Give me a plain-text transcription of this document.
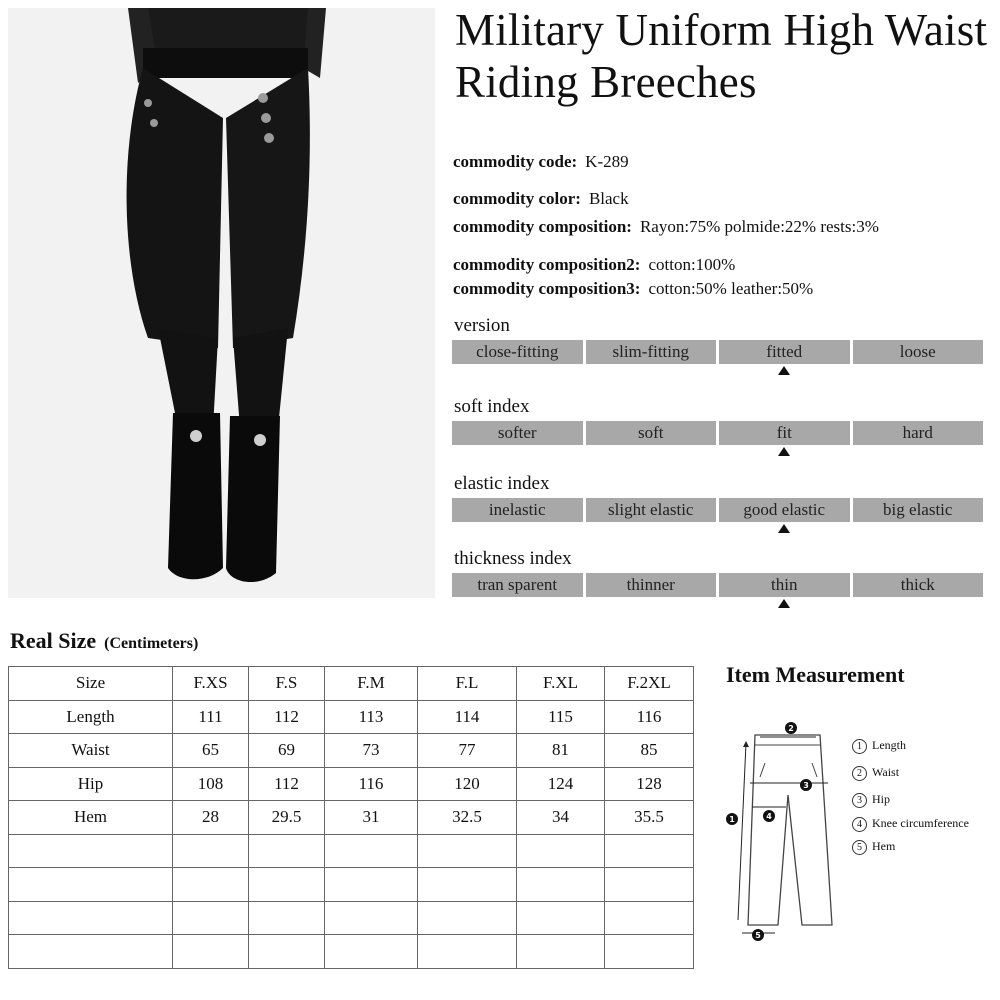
Military Uniform High Waist Riding Breeches
commodity code: K-289
commodity color: Black
commodity composition: Rayon:75% polmide:22% rests:3%
commodity composition2: cotton:100%
commodity composition3: cotton:50% leather:50%
version
close-fitting	slim-fitting	fitted	loose
soft index
softer	soft	fit	hard
elastic index
inelastic	slight elastic	good elastic	big elastic
thickness index
tran sparent	thinner	thin	thick
Real Size (Centimeters)
Size	F.XS	F.S	F.M	F.L	F.XL	F.2XL
Length	111	112	113	114	115	116
Waist	65	69	73	77	81	85
Hip	108	112	116	120	124	128
Hem	28	29.5	31	32.5	34	35.5

Item Measurement
1
2
3
4
5
1 Length
2 Waist
3 Hip
4 Knee circumference
5 Hem
